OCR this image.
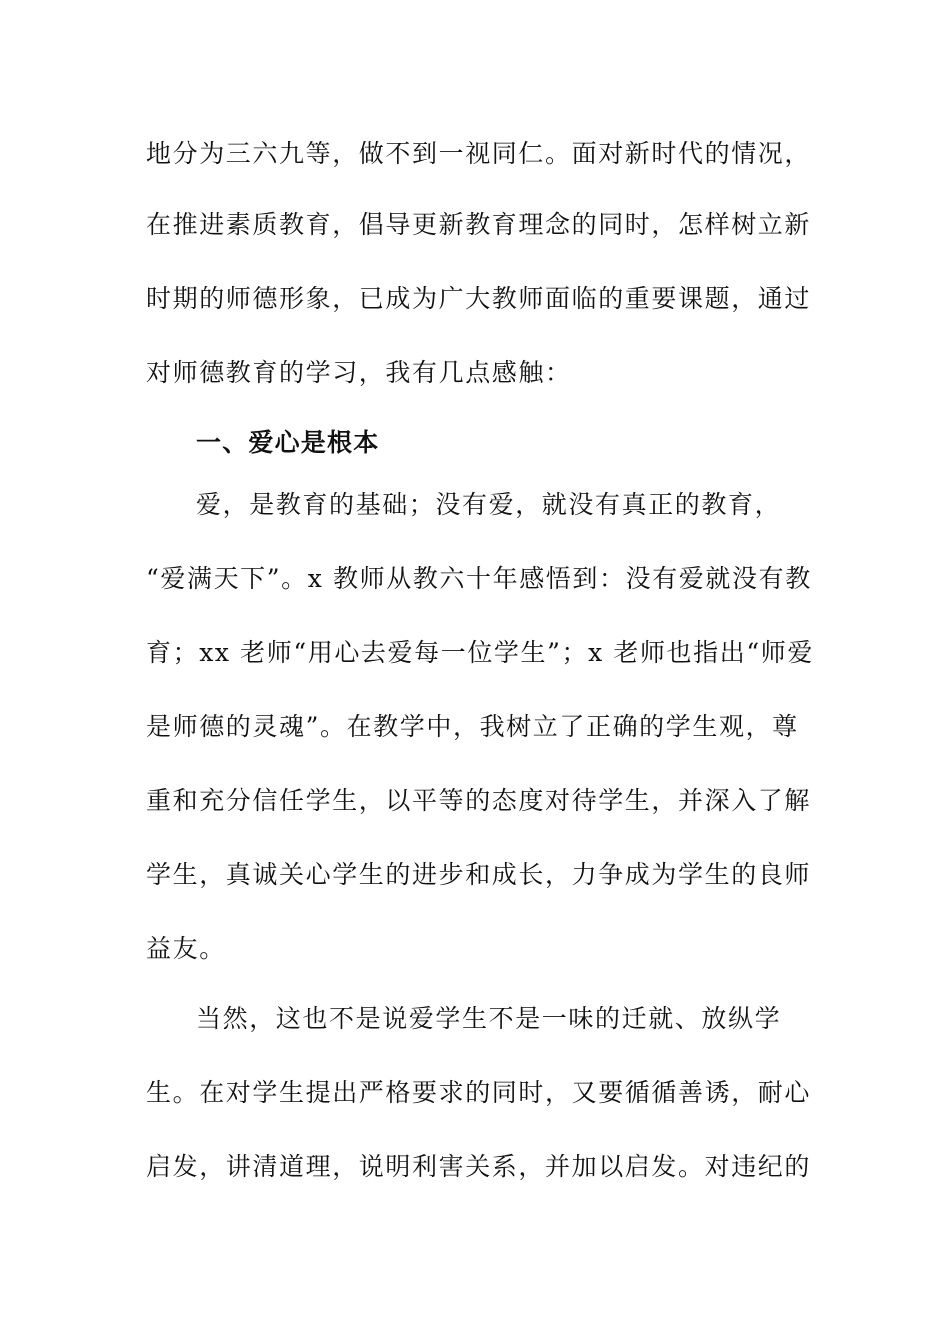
地分为三六九等，做不到一视同仁。面对新时代的情况，
在推进素质教育，倡导更新教育理念的同时，怎样树立新
时期的师德形象，已成为广大教师面临的重要课题，通过
对师德教育的学习，我有几点感触：
一、爱心是根本
爱，是教育的基础；没有爱，就没有真正的教育，
“爱满天下”。x 教师从教六十年感悟到：没有爱就没有教
育；xx 老师“用心去爱每一位学生”；x 老师也指出“师爱
是师德的灵魂”。在教学中，我树立了正确的学生观，尊
重和充分信任学生，以平等的态度对待学生，并深入了解
学生，真诚关心学生的进步和成长，力争成为学生的良师
益友。
当然，这也不是说爱学生不是一味的迁就、放纵学
生。在对学生提出严格要求的同时，又要循循善诱，耐心
启发，讲清道理，说明利害关系，并加以启发。对违纪的
